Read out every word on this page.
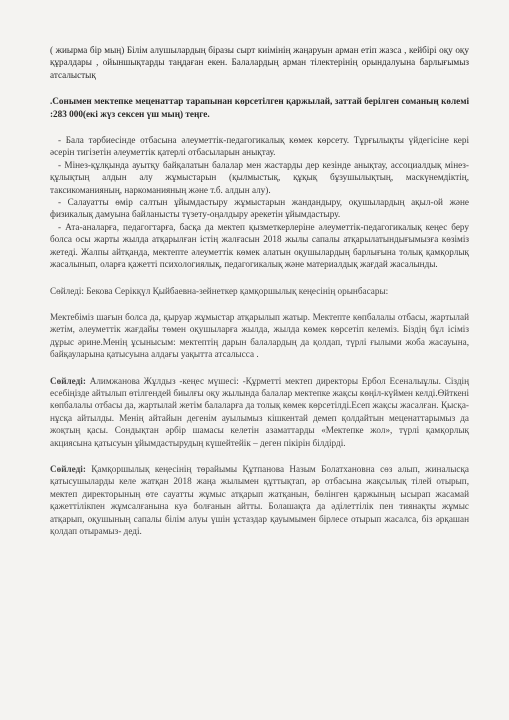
( жиырма бір мың) Білім алушылардың біразы сырт киімінің жаңаруын арман етіп жазса , кейбірі оқу оқу құралдары , ойыншықтарды таңдаған екен. Балалардың арман тілектерінің орындалуына барлығымыз атсалыстық

.Сонымен мектепке меценаттар тарапынан көрсетілген қаржылай, заттай берілген соманың көлемі :283 000(екі жүз сексен үш мың) теңге.

- Бала тәрбиесінде отбасына әлеуметтік-педагогикалық көмек көрсету. Тұрғылықты үйдегісіне кері әсерін тигізетін әлеуметтік қатерлі отбасыларын анықтау.

- Мінез-құлқында ауытқу байқалатын балалар мен жастарды дер кезінде анықтау, ассоциалдық мінез-құлықтың алдын алу жұмыстарын (қылмыстық, құқық бұзушылықтың, маскүнемдіктің, таксикоманияның, наркоманияның және т.б. алдын алу).

- Салауатты өмір салтын ұйымдастыру жұмыстарын жандандыру, оқушылардың ақыл-ой және физикалық дамуына байланысты түзету-оңалдыру әрекетін ұйымдастыру.

- Ата-аналарға, педагогтарға, басқа да мектеп қызметкерлеріне әлеуметтік-педагогикалық кеңес беру болса осы жарты жылда атқарылған істің жалғасын 2018 жылы сапалы атқарылатындығымызға көзіміз жетеді. Жалпы айтқанда, мектепте әлеуметтік көмек алатын оқушылардың барлығына толық қамқорлық жасалынып, оларға қажетті психологиялық, педагогикалық және материалдық жағдай жасалынды.

Сөйледі: Бекова Серікқүл Қыйбаевна-зейнеткер қамқоршылық кеңесінің орынбасары:

Мектебіміз шағын болса да, қыруар жұмыстар атқарылып жатыр. Мектепте көпбалалы отбасы, жартылай жетім, әлеуметтік жағдайы төмен оқушыларға жылда, жылда көмек көрсетіп келеміз. Біздің бұл ісіміз дұрыс әрине.Менің ұсынысым: мектептің дарын балалардың да қолдап, түрлі ғылыми жоба жасауына, байқауларына қатысуына алдағы уақытта атсалысса .

Сөйледі: Алимжанова Жұлдыз -кеңес мүшесі: -Құрметті мектеп директоры Ербол Есеналыұлы. Сіздің есебіңізде айтылып өтілгендей биылғы оқу жылында балалар мектепке жақсы көңіл-күймен келді.Өйткені көпбалалы отбасы да, жартылай жетім балаларға да толық көмек көрсетілді.Есеп жақсы жасалған. Қысқа- нұсқа айтылды. Менің айтайын дегенім ауылымыз кішкентай демеп қолдайтын меценаттарымыз да жоқтың қасы. Сондықтан әрбір шамасы келетін азаматтарды «Мектепке жол», түрлі қамқорлық акциясына қатысуын ұйымдастырудың күшейтейік – деген пікірін білдірді.

Сөйледі: Қамқоршылық кеңесінің төрайымы Құтпанова Назым Болатхановна сөз алып, жиналысқа қатысушыларды келе жатқан 2018 жаңа жылымен құттықтап, әр отбасына жақсылық тілей отырып, мектеп директорының өте сауатты жұмыс атқарып жатқанын, бөлінген қаржының ысырап жасамай қажеттілікпен жұмсалғанына куә болғанын айтты. Болашақта да әділеттілік пен тиянақты жұмыс атқарып, оқушының сапалы білім алуы үшін ұстаздар қауымымен бірлесе отырып жасалса, біз әрқашан қолдап отырамыз- деді.
